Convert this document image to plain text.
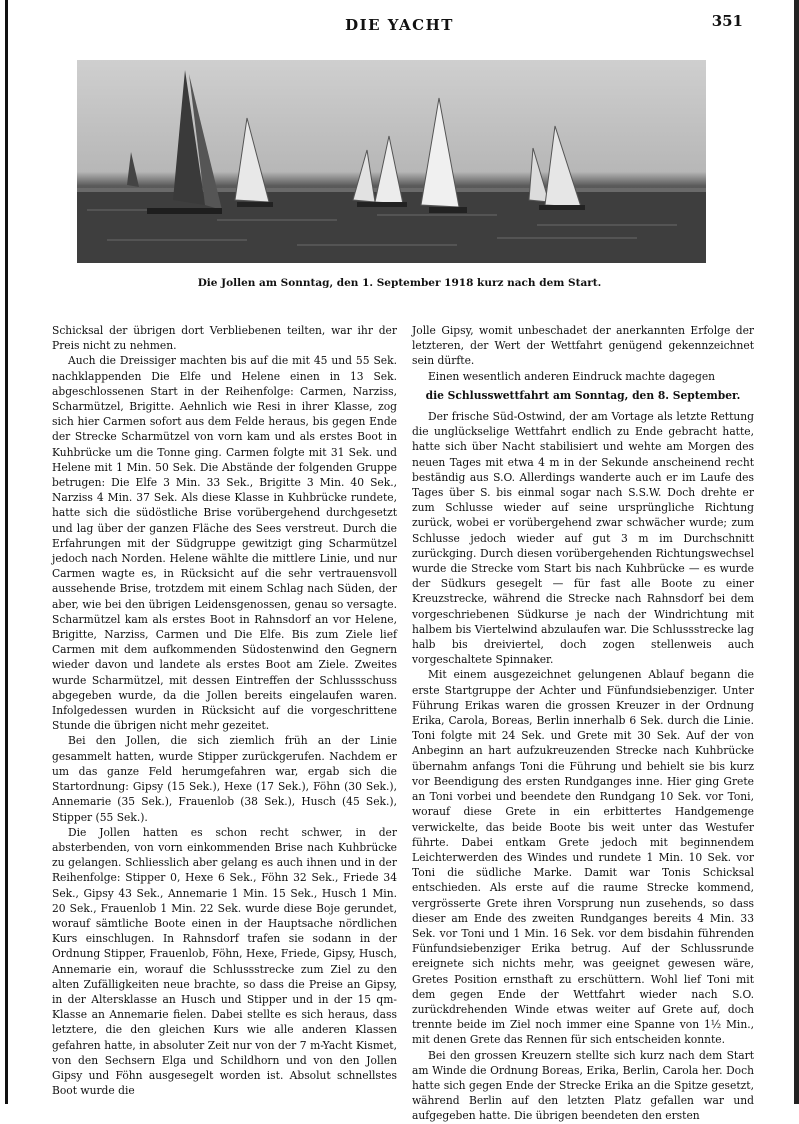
DIE YACHT	351
Die Jollen am Sonntag, den 1. September 1918 kurz nach dem Start.

Schicksal der übrigen dort Verbliebenen teilten, war ihr der Preis nicht zu nehmen.

Auch die Dreissiger machten bis auf die mit 45 und 55 Sek. nachklappenden Die Elfe und Helene einen in 13 Sek. abgeschlossenen Start in der Reihenfolge: Carmen, Narziss, Scharmützel, Brigitte. Aehnlich wie Resi in ihrer Klasse, zog sich hier Carmen sofort aus dem Felde heraus, bis gegen Ende der Strecke Scharmützel von vorn kam und als erstes Boot in Kuhbrücke um die Tonne ging. Carmen folgte mit 31 Sek. und Helene mit 1 Min. 50 Sek. Die Abstände der folgenden Gruppe betrugen: Die Elfe 3 Min. 33 Sek., Brigitte 3 Min. 40 Sek., Narziss 4 Min. 37 Sek. Als diese Klasse in Kuhbrücke rundete, hatte sich die südöstliche Brise vorübergehend durchgesetzt und lag über der ganzen Fläche des Sees verstreut. Durch die Erfahrungen mit der Südgruppe gewitzigt ging Scharmützel jedoch nach Norden. Helene wählte die mittlere Linie, und nur Carmen wagte es, in Rücksicht auf die sehr vertrauensvoll aussehende Brise, trotzdem mit einem Schlag nach Süden, der aber, wie bei den übrigen Leidensgenossen, genau so versagte. Scharmützel kam als erstes Boot in Rahnsdorf an vor Helene, Brigitte, Narziss, Carmen und Die Elfe. Bis zum Ziele lief Carmen mit dem aufkommenden Südostenwind den Gegnern wieder davon und landete als erstes Boot am Ziele. Zweites wurde Scharmützel, mit dessen Eintreffen der Schlussschuss abgegeben wurde, da die Jollen bereits eingelaufen waren. Infolgedessen wurden in Rücksicht auf die vorgeschrittene Stunde die übrigen nicht mehr gezeitet.

Bei den Jollen, die sich ziemlich früh an der Linie gesammelt hatten, wurde Stipper zurückgerufen. Nachdem er um das ganze Feld herumgefahren war, ergab sich die Startordnung: Gipsy (15 Sek.), Hexe (17 Sek.), Föhn (30 Sek.), Annemarie (35 Sek.), Frauenlob (38 Sek.), Husch (45 Sek.), Stipper (55 Sek.).

Die Jollen hatten es schon recht schwer, in der absterbenden, von vorn einkommenden Brise nach Kuhbrücke zu gelangen. Schliesslich aber gelang es auch ihnen und in der Reihenfolge: Stipper 0, Hexe 6 Sek., Föhn 32 Sek., Friede 34 Sek., Gipsy 43 Sek., Annemarie 1 Min. 15 Sek., Husch 1 Min. 20 Sek., Frauenlob 1 Min. 22 Sek. wurde diese Boje gerundet, worauf sämtliche Boote einen in der Hauptsache nördlichen Kurs einschlugen. In Rahnsdorf trafen sie sodann in der Ordnung Stipper, Frauenlob, Föhn, Hexe, Friede, Gipsy, Husch, Annemarie ein, worauf die Schlussstrecke zum Ziel zu den alten Zufälligkeiten neue brachte, so dass die Preise an Gipsy, in der Altersklasse an Husch und Stipper und in der 15 qm-Klasse an Annemarie fielen. Dabei stellte es sich heraus, dass letztere, die den gleichen Kurs wie alle anderen Klassen gefahren hatte, in absoluter Zeit nur von der 7 m-Yacht Kismet, von den Sechsern Elga und Schildhorn und von den Jollen Gipsy und Föhn ausgesegelt worden ist. Absolut schnellstes Boot wurde die

Jolle Gipsy, womit unbeschadet der anerkannten Erfolge der letzteren, der Wert der Wettfahrt genügend gekennzeichnet sein dürfte.

Einen wesentlich anderen Eindruck machte dagegen

die Schlusswettfahrt am Sonntag, den 8. September.

Der frische Süd-Ostwind, der am Vortage als letzte Rettung die unglückselige Wettfahrt endlich zu Ende gebracht hatte, hatte sich über Nacht stabilisiert und wehte am Morgen des neuen Tages mit etwa 4 m in der Sekunde anscheinend recht beständig aus S.O. Allerdings wanderte auch er im Laufe des Tages über S. bis einmal sogar nach S.S.W. Doch drehte er zum Schlusse wieder auf seine ursprüngliche Richtung zurück, wobei er vorübergehend zwar schwächer wurde; zum Schlusse jedoch wieder auf gut 3 m im Durchschnitt zurückging. Durch diesen vorübergehenden Richtungswechsel wurde die Strecke vom Start bis nach Kuhbrücke — es wurde der Südkurs gesegelt — für fast alle Boote zu einer Kreuzstrecke, während die Strecke nach Rahnsdorf bei dem vorgeschriebenen Südkurse je nach der Windrichtung mit halbem bis Viertelwind abzulaufen war. Die Schlussstrecke lag halb bis dreiviertel, doch zogen stellenweis auch vorgeschaltete Spinnaker.

Mit einem ausgezeichnet gelungenen Ablauf begann die erste Startgruppe der Achter und Fünfundsiebenziger. Unter Führung Erikas waren die grossen Kreuzer in der Ordnung Erika, Carola, Boreas, Berlin innerhalb 6 Sek. durch die Linie. Toni folgte mit 24 Sek. und Grete mit 30 Sek. Auf der von Anbeginn an hart aufzukreuzenden Strecke nach Kuhbrücke übernahm anfangs Toni die Führung und behielt sie bis kurz vor Beendigung des ersten Rundganges inne. Hier ging Grete an Toni vorbei und beendete den Rundgang 10 Sek. vor Toni, worauf diese Grete in ein erbittertes Handgemenge verwickelte, das beide Boote bis weit unter das Westufer führte. Dabei entkam Grete jedoch mit beginnendem Leichterwerden des Windes und rundete 1 Min. 10 Sek. vor Toni die südliche Marke. Damit war Tonis Schicksal entschieden. Als erste auf die raume Strecke kommend, vergrösserte Grete ihren Vorsprung nun zusehends, so dass dieser am Ende des zweiten Rundganges bereits 4 Min. 33 Sek. vor Toni und 1 Min. 16 Sek. vor dem bisdahin führenden Fünfundsiebenziger Erika betrug. Auf der Schlussrunde ereignete sich nichts mehr, was geeignet gewesen wäre, Gretes Position ernsthaft zu erschüttern. Wohl lief Toni mit dem gegen Ende der Wettfahrt wieder nach S.O. zurückdrehenden Winde etwas weiter auf Grete auf, doch trennte beide im Ziel noch immer eine Spanne von 1½ Min., mit denen Grete das Rennen für sich entscheiden konnte.

Bei den grossen Kreuzern stellte sich kurz nach dem Start am Winde die Ordnung Boreas, Erika, Berlin, Carola her. Doch hatte sich gegen Ende der Strecke Erika an die Spitze gesetzt, während Berlin auf den letzten Platz gefallen war und aufgegeben hatte. Die übrigen beendeten den ersten
